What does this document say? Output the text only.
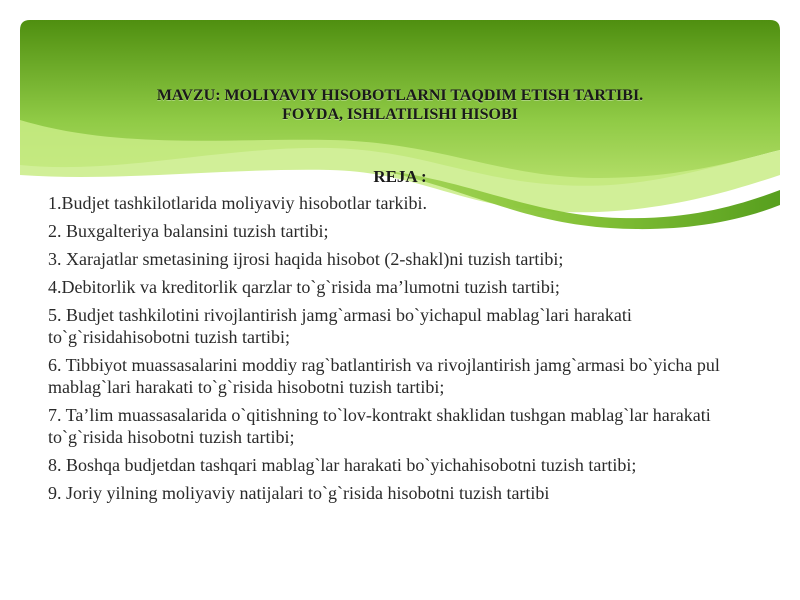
MAVZU: MOLIYAVIY HISOBOTLARNI TAQDIM ETISH TARTIBI.
FOYDA, ISHLATILISHI HISOBI
REJA :
1.Budjet tashkilotlarida moliyaviy hisobotlar tarkibi.
2. Buxgalteriya balansini tuzish tartibi;
3. Xarajatlar smetasining ijrosi haqida hisobot (2-shakl)ni tuzish tartibi;
4.Debitorlik va kreditorlik qarzlar to`g`risida ma’lumotni tuzish tartibi;
5. Budjet tashkilotini rivojlantirish jamg`armasi bo`yichapul mablag`lari harakati to`g`risidahisobotni tuzish tartibi;
6. Tibbiyot muassasalarini moddiy rag`batlantirish va rivojlantirish jamg`armasi bo`yicha pul mablag`lari harakati to`g`risida hisobotni tuzish tartibi;
7. Ta’lim muassasalarida o`qitishning to`lov-kontrakt shaklidan tushgan mablag`lar harakati to`g`risida hisobotni tuzish tartibi;
8. Boshqa budjetdan tashqari mablag`lar harakati bo`yichahisobotni tuzish tartibi;
9. Joriy yilning moliyaviy natijalari to`g`risida hisobotni tuzish tartibi
